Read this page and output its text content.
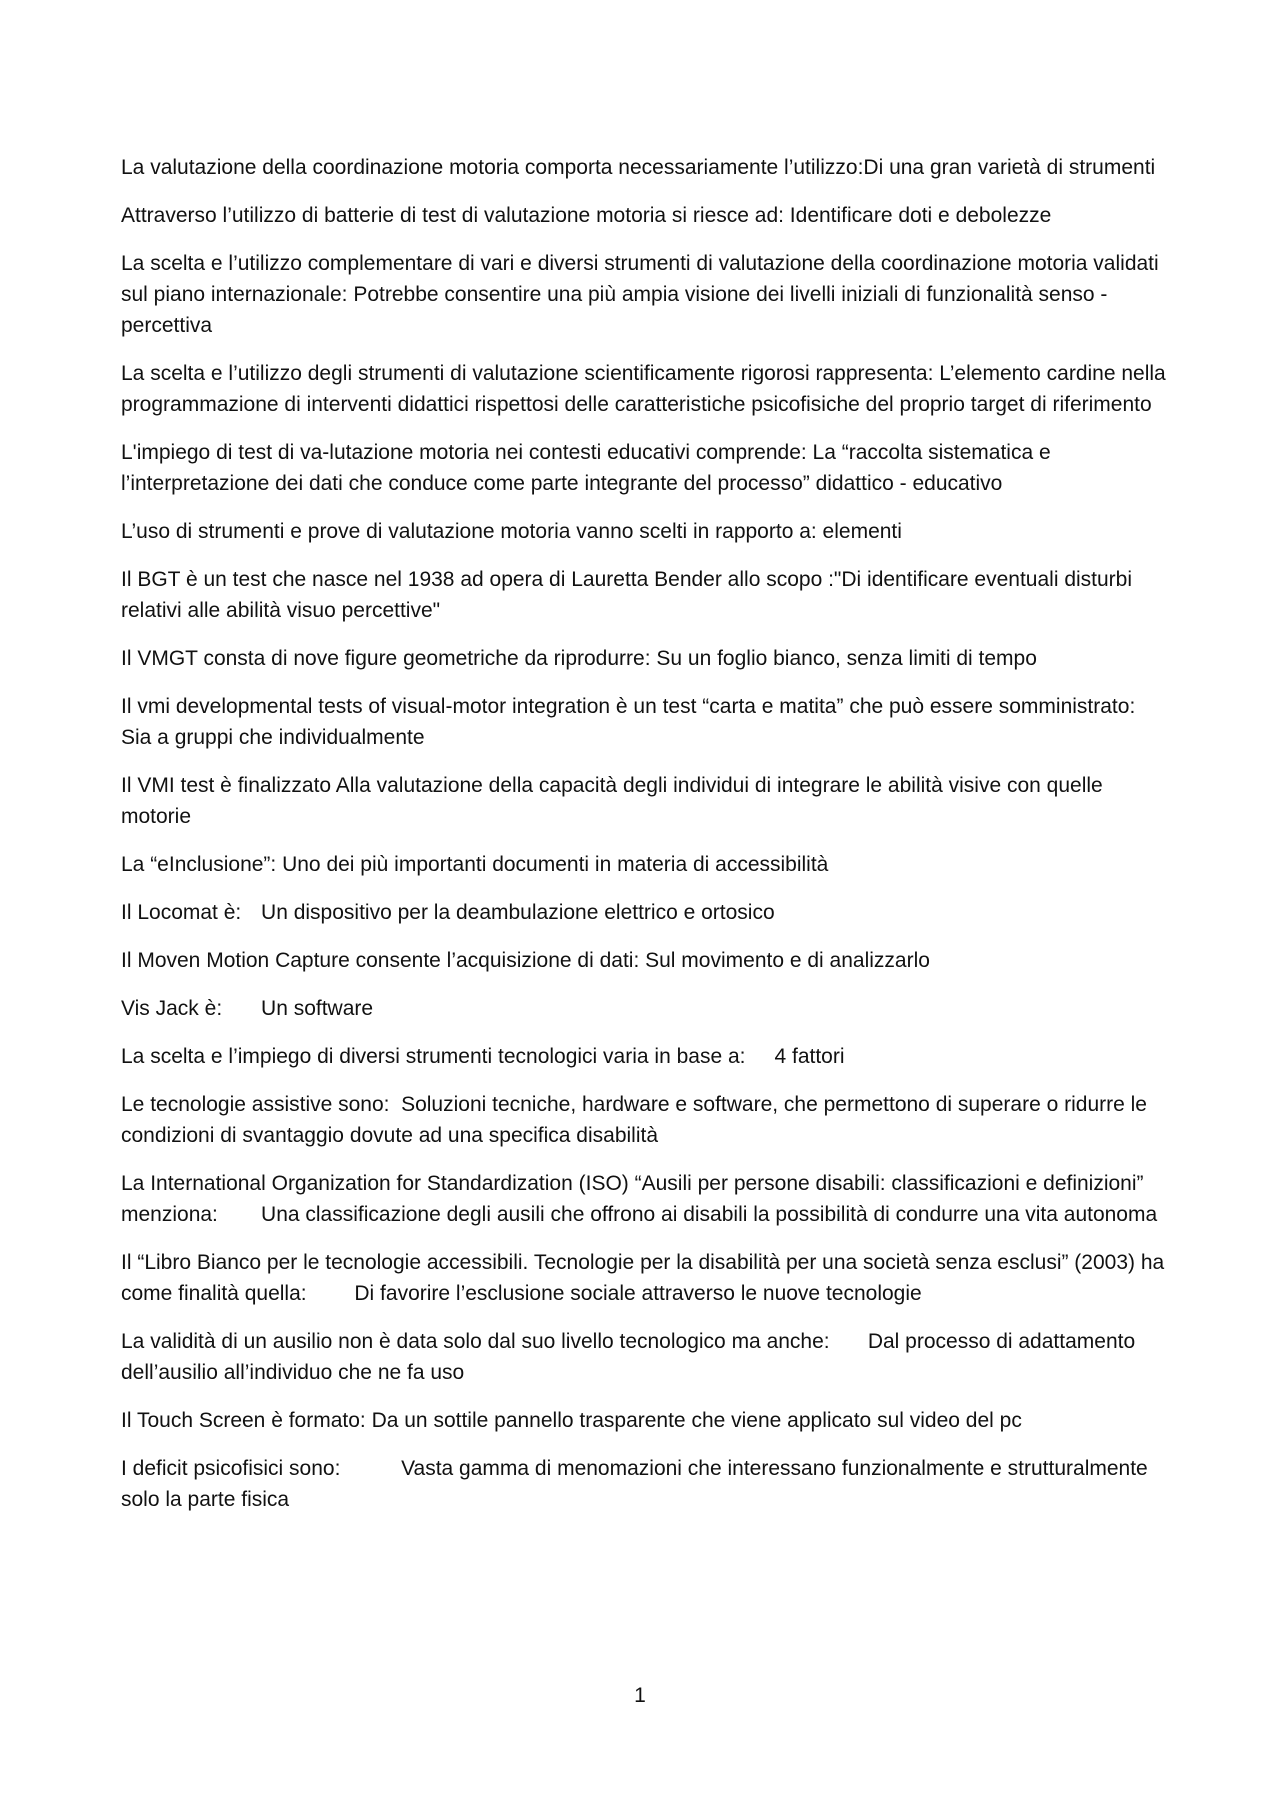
La valutazione della coordinazione motoria comporta necessariamente l’utilizzo:Di una gran varietà di strumenti

Attraverso l’utilizzo di batterie di test di valutazione motoria si riesce ad: Identificare doti e debolezze

La scelta e l’utilizzo complementare di vari e diversi strumenti di valutazione della coordinazione motoria validati sul piano internazionale: Potrebbe consentire una più ampia visione dei livelli iniziali di funzionalità senso - percettiva

La scelta e l’utilizzo degli strumenti di valutazione scientificamente rigorosi rappresenta: L’elemento cardine nella programmazione di interventi didattici rispettosi delle caratteristiche psicofisiche del proprio target di riferimento

L'impiego di test di va-lutazione motoria nei contesti educativi comprende: La “raccolta sistematica e l’interpretazione dei dati che conduce come parte integrante del processo” didattico - educativo

L’uso di strumenti e prove di valutazione motoria vanno scelti in rapporto a: elementi

Il BGT è un test che nasce nel 1938 ad opera di Lauretta Bender allo scopo :"Di identificare eventuali disturbi relativi alle abilità visuo percettive"

Il VMGT consta di nove figure geometriche da riprodurre: Su un foglio bianco, senza limiti di tempo

Il vmi developmental tests of visual-motor integration è un test “carta e matita” che può essere somministrato: Sia a gruppi che individualmente

Il VMI test è finalizzato Alla valutazione della capacità degli individui di integrare le abilità visive con quelle motorie

La “eInclusione”: Uno dei più importanti documenti in materia di accessibilità

Il Locomat è:	Un dispositivo per la deambulazione elettrico e ortosico

Il Moven Motion Capture consente l’acquisizione di dati: Sul movimento e di analizzarlo

Vis Jack è:	Un software

La scelta e l’impiego di diversi strumenti tecnologici varia in base a:	4 fattori

Le tecnologie assistive sono:	Soluzioni tecniche, hardware e software, che permettono di superare o ridurre le condizioni di svantaggio dovute ad una specifica disabilità

La International Organization for Standardization (ISO) “Ausili per persone disabili: classificazioni e definizioni” menziona:	Una classificazione degli ausili che offrono ai disabili la possibilità di condurre una vita autonoma

Il “Libro Bianco per le tecnologie accessibili. Tecnologie per la disabilità per una società senza esclusi” (2003) ha come finalità quella:	Di favorire l’esclusione sociale attraverso le nuove tecnologie

La validità di un ausilio non è data solo dal suo livello tecnologico ma anche:	Dal processo di adattamento dell’ausilio all’individuo che ne fa uso

Il Touch Screen è formato: Da un sottile pannello trasparente che viene applicato sul video del pc

I deficit psicofisici sono:		Vasta gamma di menomazioni che interessano funzionalmente e strutturalmente solo la parte fisica

1
